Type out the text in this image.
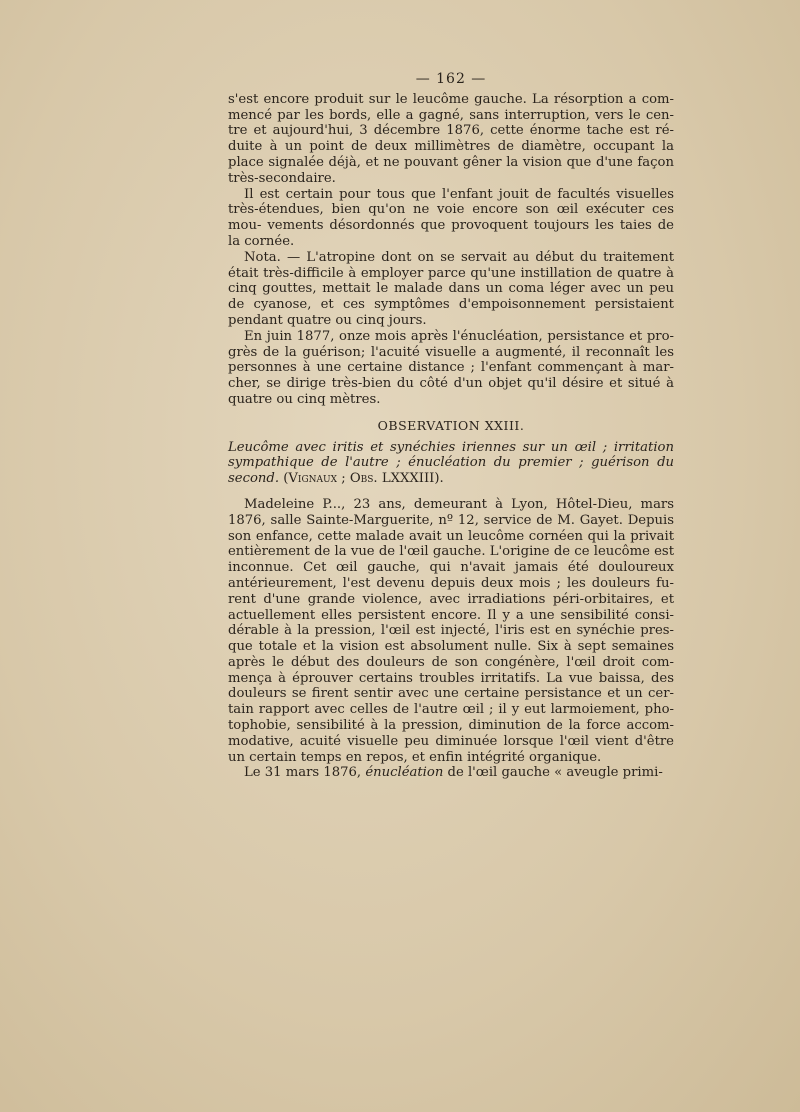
— 162 —

s'est encore produit sur le leucôme gauche. La résorption a com- mencé par les bords, elle a gagné, sans interruption, vers le cen- tre et aujourd'hui, 3 décembre 1876, cette énorme tache est ré- duite à un point de deux millimètres de diamètre, occupant la place signalée déjà, et ne pouvant gêner la vision que d'une façon très-secondaire.

Il est certain pour tous que l'enfant jouit de facultés visuelles très-étendues, bien qu'on ne voie encore son œil exécuter ces mou- vements désordonnés que provoquent toujours les taies de la cornée.

Nota. — L'atropine dont on se servait au début du traitement était très-difficile à employer parce qu'une instillation de quatre à cinq gouttes, mettait le malade dans un coma léger avec un peu de cyanose, et ces symptômes d'empoisonnement persistaient pendant quatre ou cinq jours.

En juin 1877, onze mois après l'énucléation, persistance et pro- grès de la guérison; l'acuité visuelle a augmenté, il reconnaît les personnes à une certaine distance ; l'enfant commençant à mar- cher, se dirige très-bien du côté d'un objet qu'il désire et situé à quatre ou cinq mètres.

OBSERVATION XXIII.

Leucôme avec iritis et synéchies iriennes sur un œil ; irritation sympathique de l'autre ; énucléation du premier ; guérison du second. (Vignaux ; Obs. LXXXIII).

Madeleine P..., 23 ans, demeurant à Lyon, Hôtel-Dieu, mars 1876, salle Sainte-Marguerite, nº 12, service de M. Gayet. Depuis son enfance, cette malade avait un leucôme cornéen qui la privait entièrement de la vue de l'œil gauche. L'origine de ce leucôme est inconnue. Cet œil gauche, qui n'avait jamais été douloureux antérieurement, l'est devenu depuis deux mois ; les douleurs fu- rent d'une grande violence, avec irradiations péri-orbitaires, et actuellement elles persistent encore. Il y a une sensibilité consi- dérable à la pression, l'œil est injecté, l'iris est en synéchie pres- que totale et la vision est absolument nulle. Six à sept semaines après le début des douleurs de son congénère, l'œil droit com- mença à éprouver certains troubles irritatifs. La vue baissa, des douleurs se firent sentir avec une certaine persistance et un cer- tain rapport avec celles de l'autre œil ; il y eut larmoiement, pho- tophobie, sensibilité à la pression, diminution de la force accom- modative, acuité visuelle peu diminuée lorsque l'œil vient d'être un certain temps en repos, et enfin intégrité organique.

Le 31 mars 1876, énucléation de l'œil gauche « aveugle primi-
